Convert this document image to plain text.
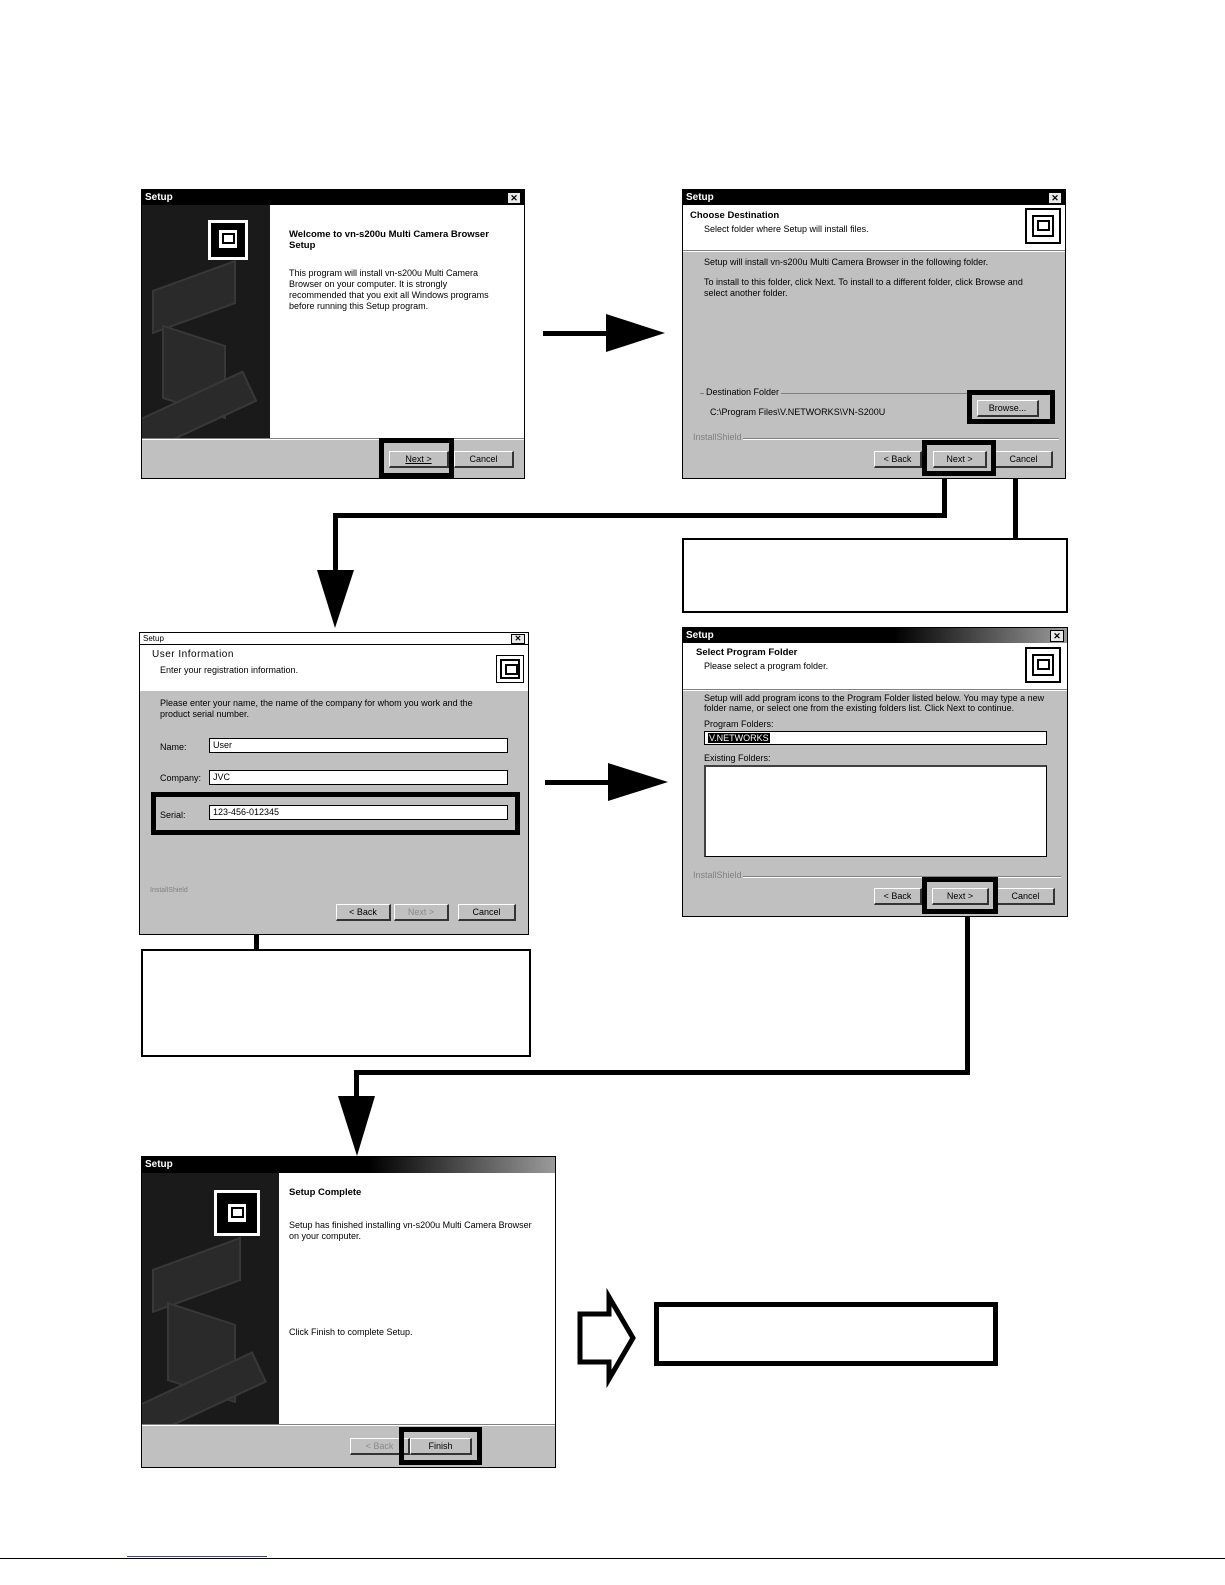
Setup	✕
Welcome to vn-s200u Multi Camera Browser Setup
This program will install vn-s200u Multi Camera Browser on your computer. It is strongly recommended that you exit all Windows programs before running this Setup program.
Next >	Cancel
Setup	✕
Choose Destination
Select folder where Setup will install files.
Setup will install vn-s200u Multi Camera Browser in the following folder.
To install to this folder, click Next. To install to a different folder, click Browse and select another folder.
Destination Folder
C:\Program Files\V.NETWORKS\VN-S200U	Browse...
InstallShield
< Back	Next >	Cancel
Setup	✕
User Information
Enter your registration information.
Please enter your name, the name of the company for whom you work and the product serial number.
Name:	User
Company:	JVC
Serial:	123-456-012345
InstallShield
< Back	Next >	Cancel
Setup	✕
Select Program Folder
Please select a program folder.
Setup will add program icons to the Program Folder listed below. You may type a new folder name, or select one from the existing folders list. Click Next to continue.
Program Folders:
V.NETWORKS
Existing Folders:
InstallShield
< Back	Next >	Cancel
Setup
Setup Complete
Setup has finished installing vn-s200u Multi Camera Browser on your computer.
Click Finish to complete Setup.
< Back	Finish
